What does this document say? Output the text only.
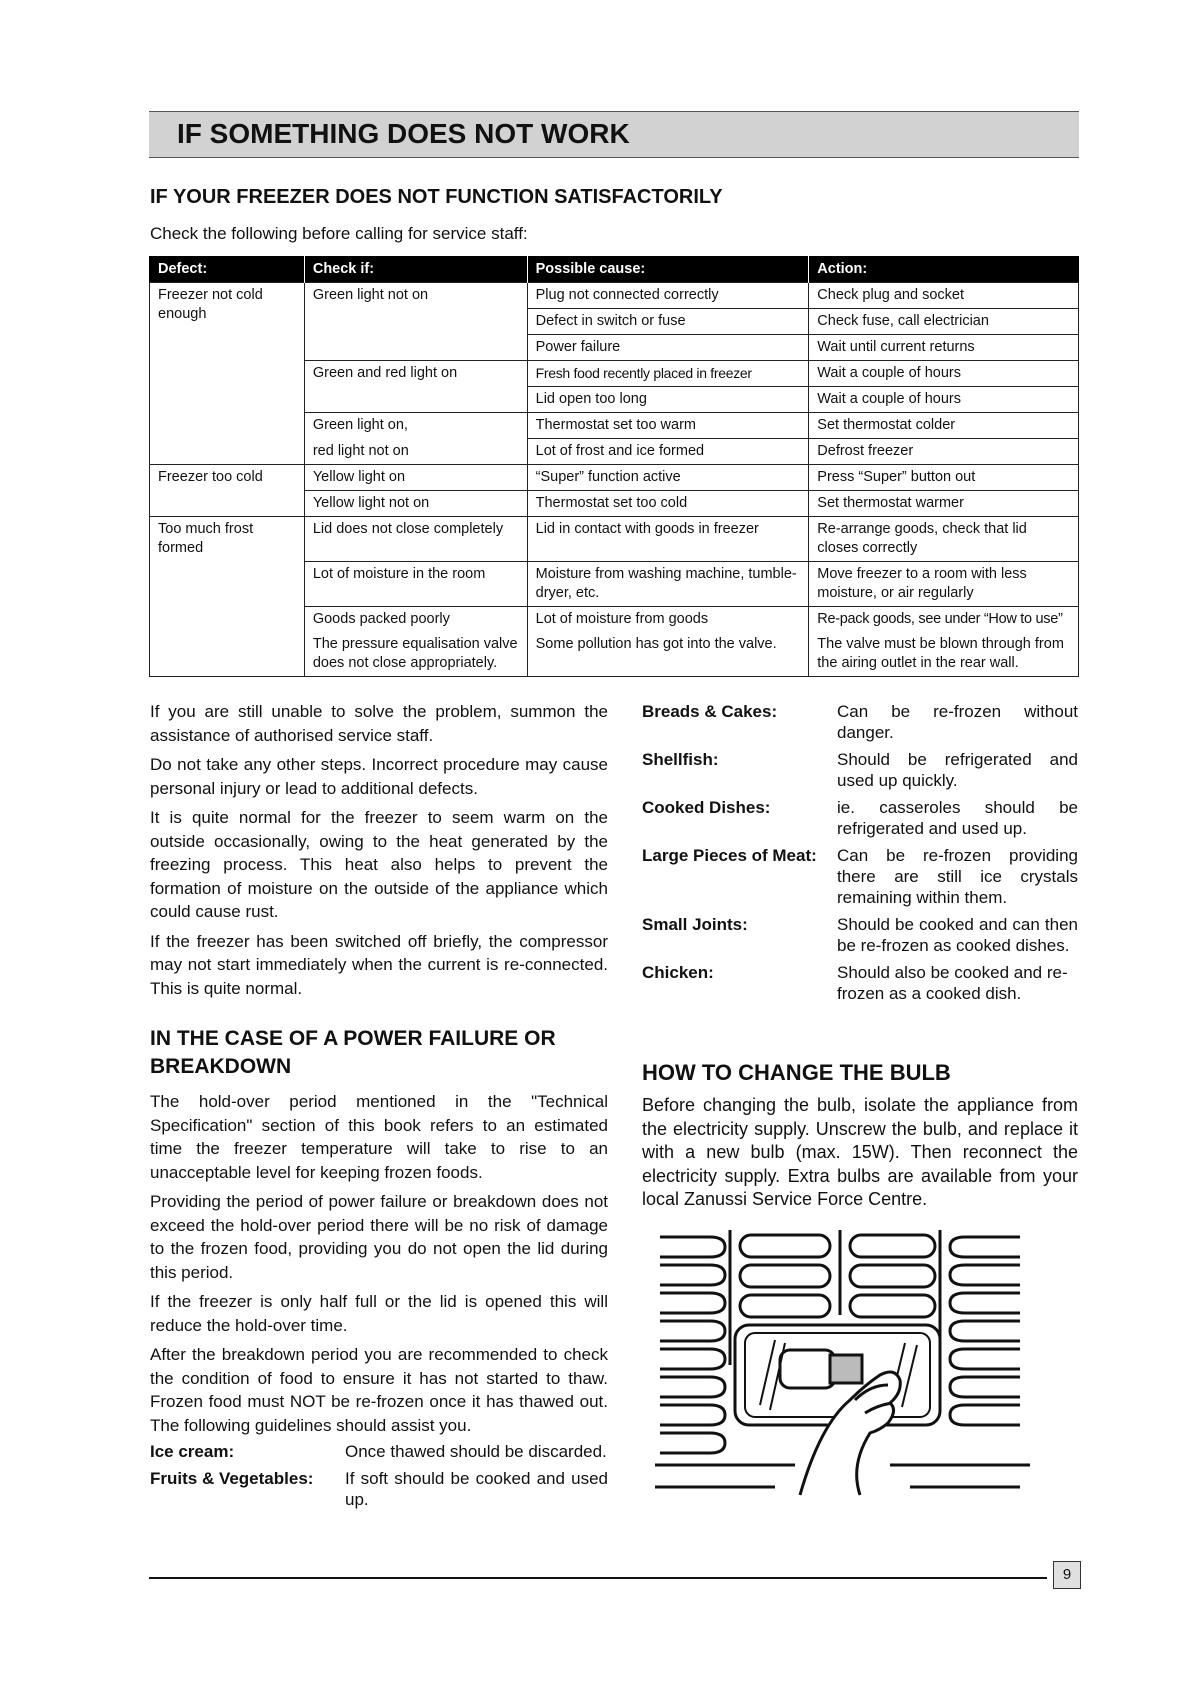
IF SOMETHING DOES NOT WORK
IF YOUR FREEZER DOES NOT FUNCTION SATISFACTORILY
Check the following before calling for service staff:
Defect:	Check if:	Possible cause:	Action:
Freezer not cold enough	Green light not on	Plug not connected correctly	Check plug and socket
		Defect in switch or fuse	Check fuse, call electrician
		Power failure	Wait until current returns
	Green and red light on	Fresh food recently placed in freezer	Wait a couple of hours
		Lid open too long	Wait a couple of hours
	Green light on,	Thermostat set too warm	Set thermostat colder
	red light not on	Lot of frost and ice formed	Defrost freezer
Freezer too cold	Yellow light on	“Super” function active	Press “Super” button out
	Yellow light not on	Thermostat set too cold	Set thermostat warmer
Too much frost formed	Lid does not close completely	Lid in contact with goods in freezer	Re-arrange goods, check that lid closes correctly
	Lot of moisture in the room	Moisture from washing machine, tumble-dryer, etc.	Move freezer to a room with less moisture, or air regularly
	Goods packed poorly	Lot of moisture from goods	Re-pack goods, see under “How to use”
	The pressure equalisation valve does not close appropriately.	Some pollution has got into the valve.	The valve must be blown through from the airing outlet in the rear wall.

If you are still unable to solve the problem, summon the assistance of authorised service staff.

Do not take any other steps. Incorrect procedure may cause personal injury or lead to additional defects.

It is quite normal for the freezer to seem warm on the outside occasionally, owing to the heat generated by the freezing process. This heat also helps to prevent the formation of moisture on the outside of the appliance which could cause rust.

If the freezer has been switched off briefly, the compressor may not start immediately when the current is re-connected. This is quite normal.

IN THE CASE OF A POWER FAILURE OR BREAKDOWN

The hold-over period mentioned in the "Technical Specification" section of this book refers to an estimated time the freezer temperature will take to rise to an unacceptable level for keeping frozen foods.

Providing the period of power failure or breakdown does not exceed the hold-over period there will be no risk of damage to the frozen food, providing you do not open the lid during this period.

If the freezer is only half full or the lid is opened this will reduce the hold-over time.

After the breakdown period you are recommended to check the condition of food to ensure it has not started to thaw. Frozen food must NOT be re-frozen once it has thawed out. The following guidelines should assist you.

Ice cream:	Once thawed should be discarded.
Fruits & Vegetables:	If soft should be cooked and used up.
Breads & Cakes:	Can be re-frozen without danger.
Shellfish:	Should be refrigerated and used up quickly.
Cooked Dishes:	ie. casseroles should be refrigerated and used up.
Large Pieces of Meat:	Can be re-frozen providing there are still ice crystals remaining within them.
Small Joints:	Should be cooked and can then be re-frozen as cooked dishes.
Chicken:	Should also be cooked and re-frozen as a cooked dish.
HOW TO CHANGE THE BULB
Before changing the bulb, isolate the appliance from the electricity supply. Unscrew the bulb, and replace it with a new bulb (max. 15W). Then reconnect the electricity supply. Extra bulbs are available from your local Zanussi Service Force Centre.
9
